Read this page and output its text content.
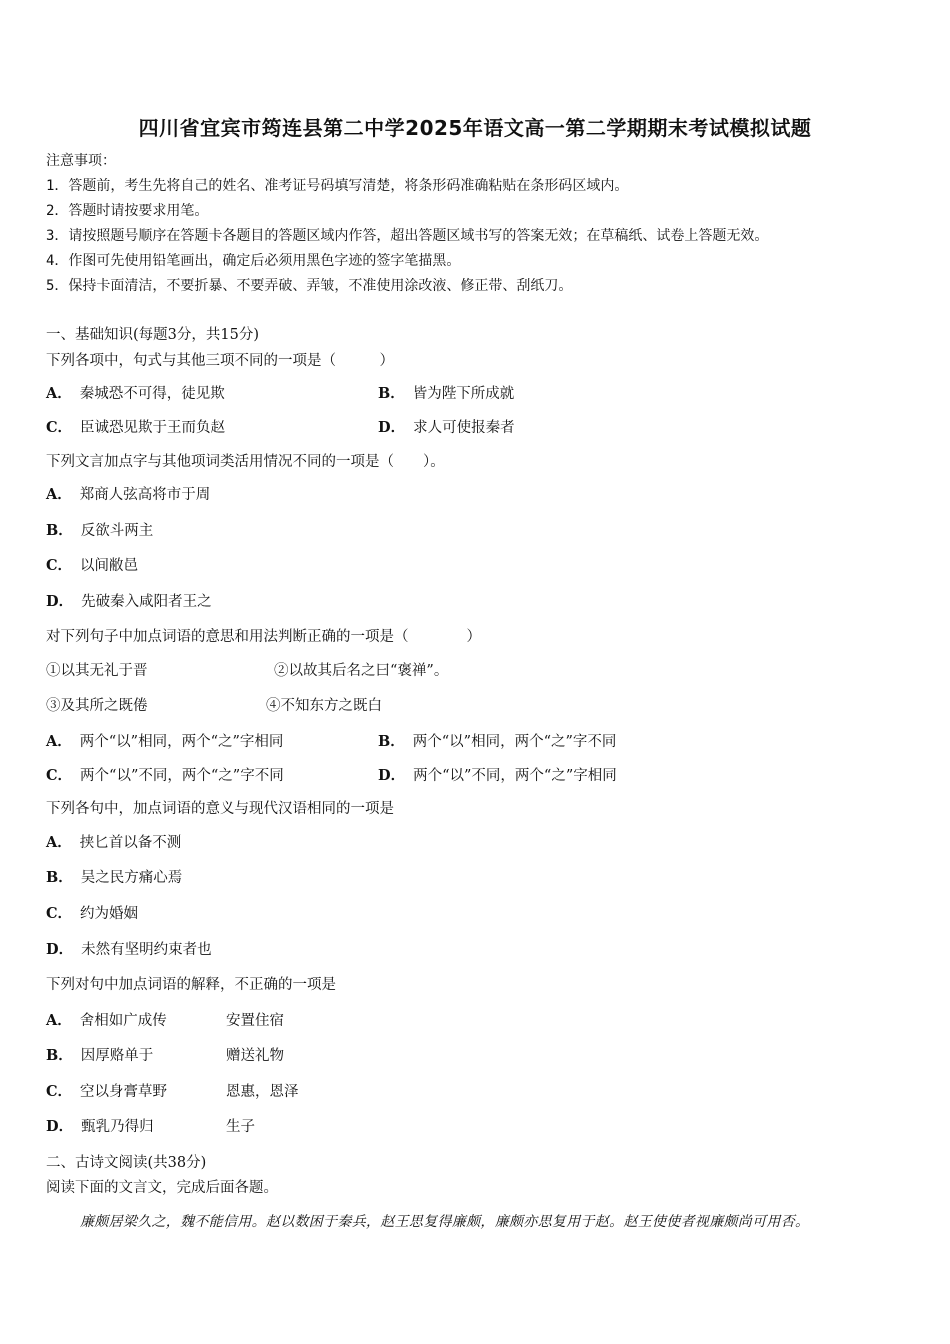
四川省宜宾市筠连县第二中学2025年语文高一第二学期期末考试模拟试题
注意事项：
1．答题前，考生先将自己的姓名、准考证号码填写清楚，将条形码准确粘贴在条形码区域内。
2．答题时请按要求用笔。
3．请按照题号顺序在答题卡各题目的答题区域内作答，超出答题区域书写的答案无效；在草稿纸、试卷上答题无效。
4．作图可先使用铅笔画出，确定后必须用黑色字迹的签字笔描黑。
5．保持卡面清洁，不要折暴、不要弄破、弄皱，不准使用涂改液、修正带、刮纸刀。
一、基础知识(每题3分，共15分)
下列各项中，句式与其他三项不同的一项是（　　　）
A． 秦城恐不可得，徒见欺	B． 皆为陛下所成就
C． 臣诚恐见欺于王而负赵	D． 求人可使报秦者
下列文言加点字与其他项词类活用情况不同的一项是（　　）。
A． 郑商人弦高将市于周
B． 反欲斗两主
C． 以间敝邑
D． 先破秦入咸阳者王之
对下列句子中加点词语的意思和用法判断正确的一项是（　　　　）
①以其无礼于晋	②以故其后名之曰“褒禅”。
③及其所之既倦	④不知东方之既白
A． 两个“以”相同，两个“之”字相同	B． 两个“以”相同，两个“之”字不同
C． 两个“以”不同，两个“之”字不同	D． 两个“以”不同，两个“之”字相同
下列各句中，加点词语的意义与现代汉语相同的一项是
A． 挟匕首以备不测
B． 吴之民方痛心焉
C． 约为婚姻
D． 未然有坚明约束者也
下列对句中加点词语的解释，不正确的一项是
A． 舍相如广成传	安置住宿
B． 因厚赂单于	赠送礼物
C． 空以身膏草野	恩惠，恩泽
D． 甄乳乃得归	生子
二、古诗文阅读(共38分)
阅读下面的文言文，完成后面各题。
廉颇居梁久之，魏不能信用。赵以数困于秦兵，赵王思复得廉颇，廉颇亦思复用于赵。赵王使使者视廉颇尚可用否。
